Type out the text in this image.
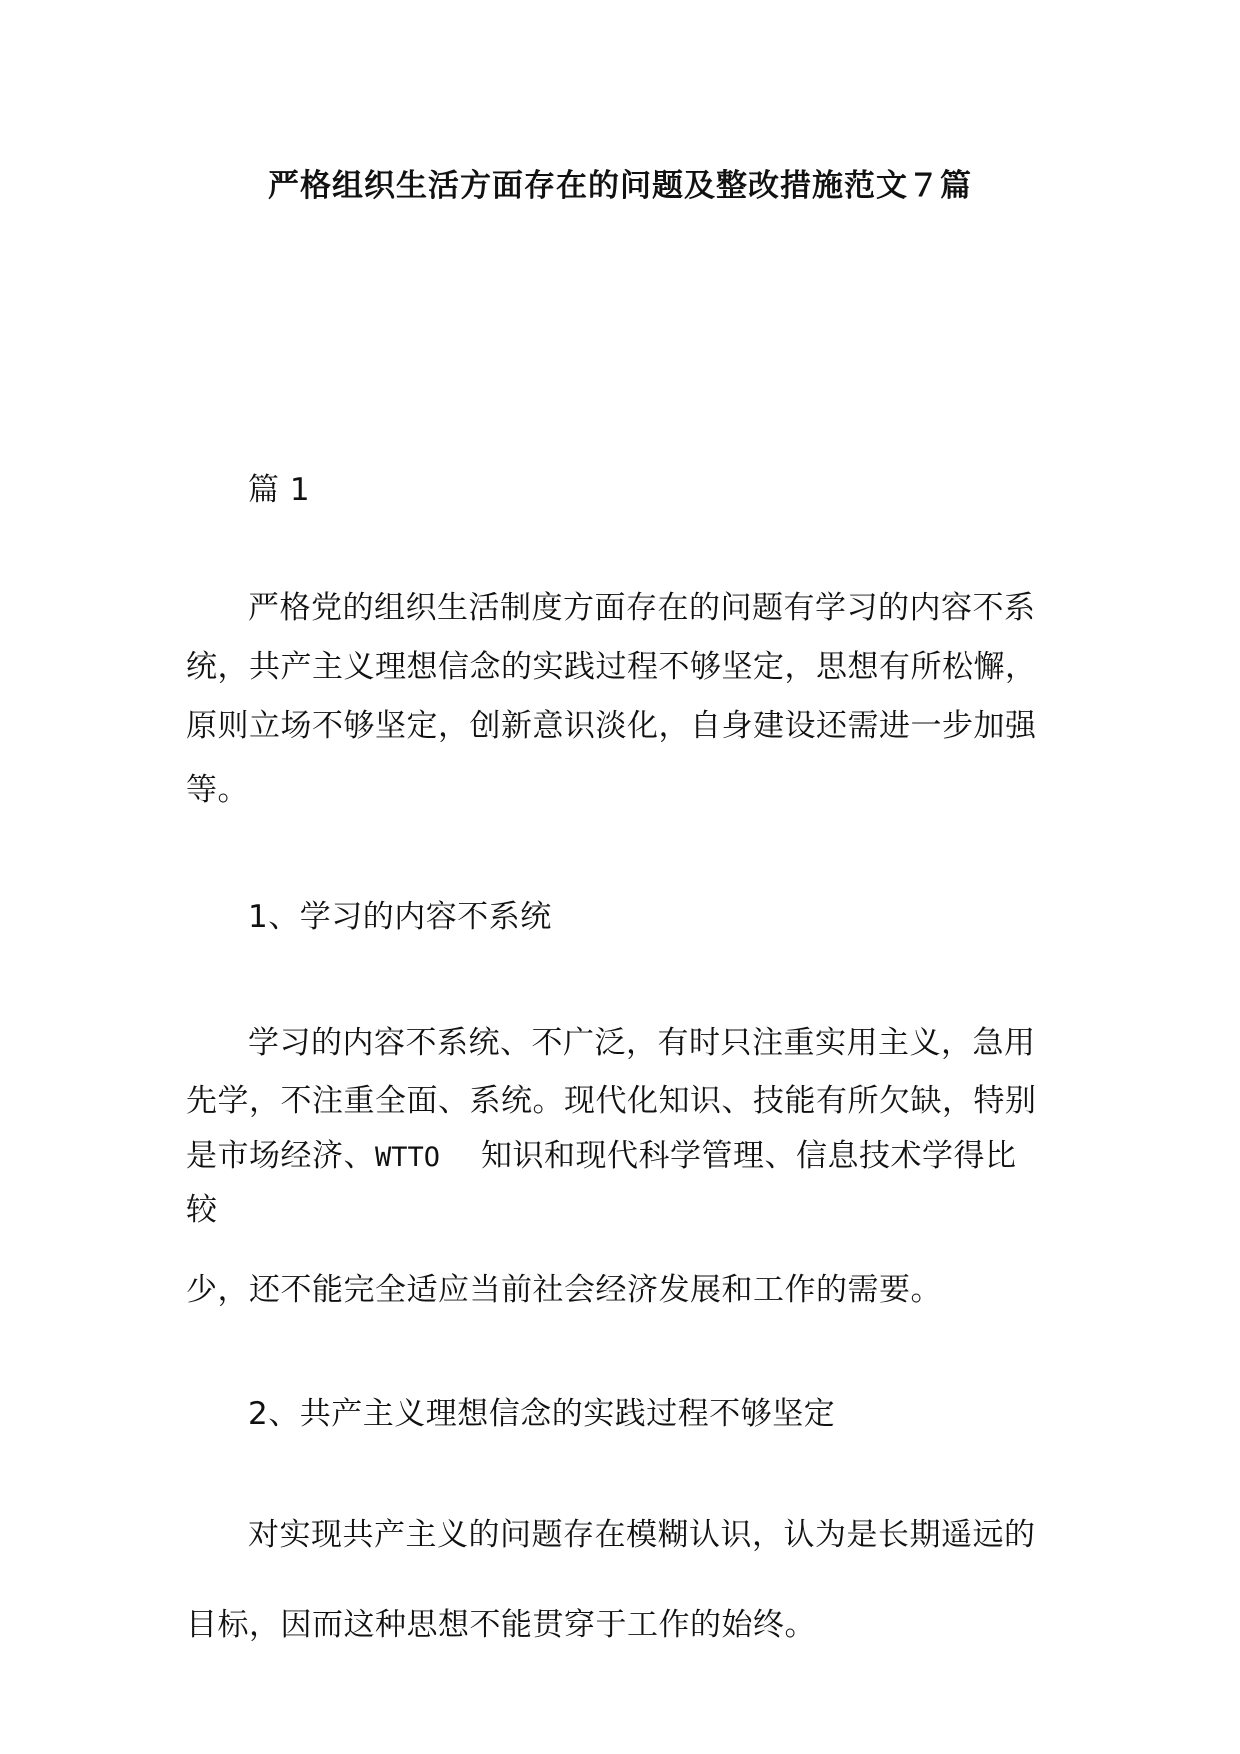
严格组织生活方面存在的问题及整改措施范文７篇
篇 1
严格党的组织生活制度方面存在的问题有学习的内容不系
统，共产主义理想信念的实践过程不够坚定，思想有所松懈，
原则立场不够坚定，创新意识淡化，自身建设还需进一步加强
等。
1、学习的内容不系统
学习的内容不系统、不广泛，有时只注重实用主义，急用
先学，不注重全面、系统。现代化知识、技能有所欠缺，特别
是市场经济、WTTO 知识和现代科学管理、信息技术学得比
较
少，还不能完全适应当前社会经济发展和工作的需要。
2、共产主义理想信念的实践过程不够坚定
对实现共产主义的问题存在模糊认识，认为是长期遥远的
目标，因而这种思想不能贯穿于工作的始终。
